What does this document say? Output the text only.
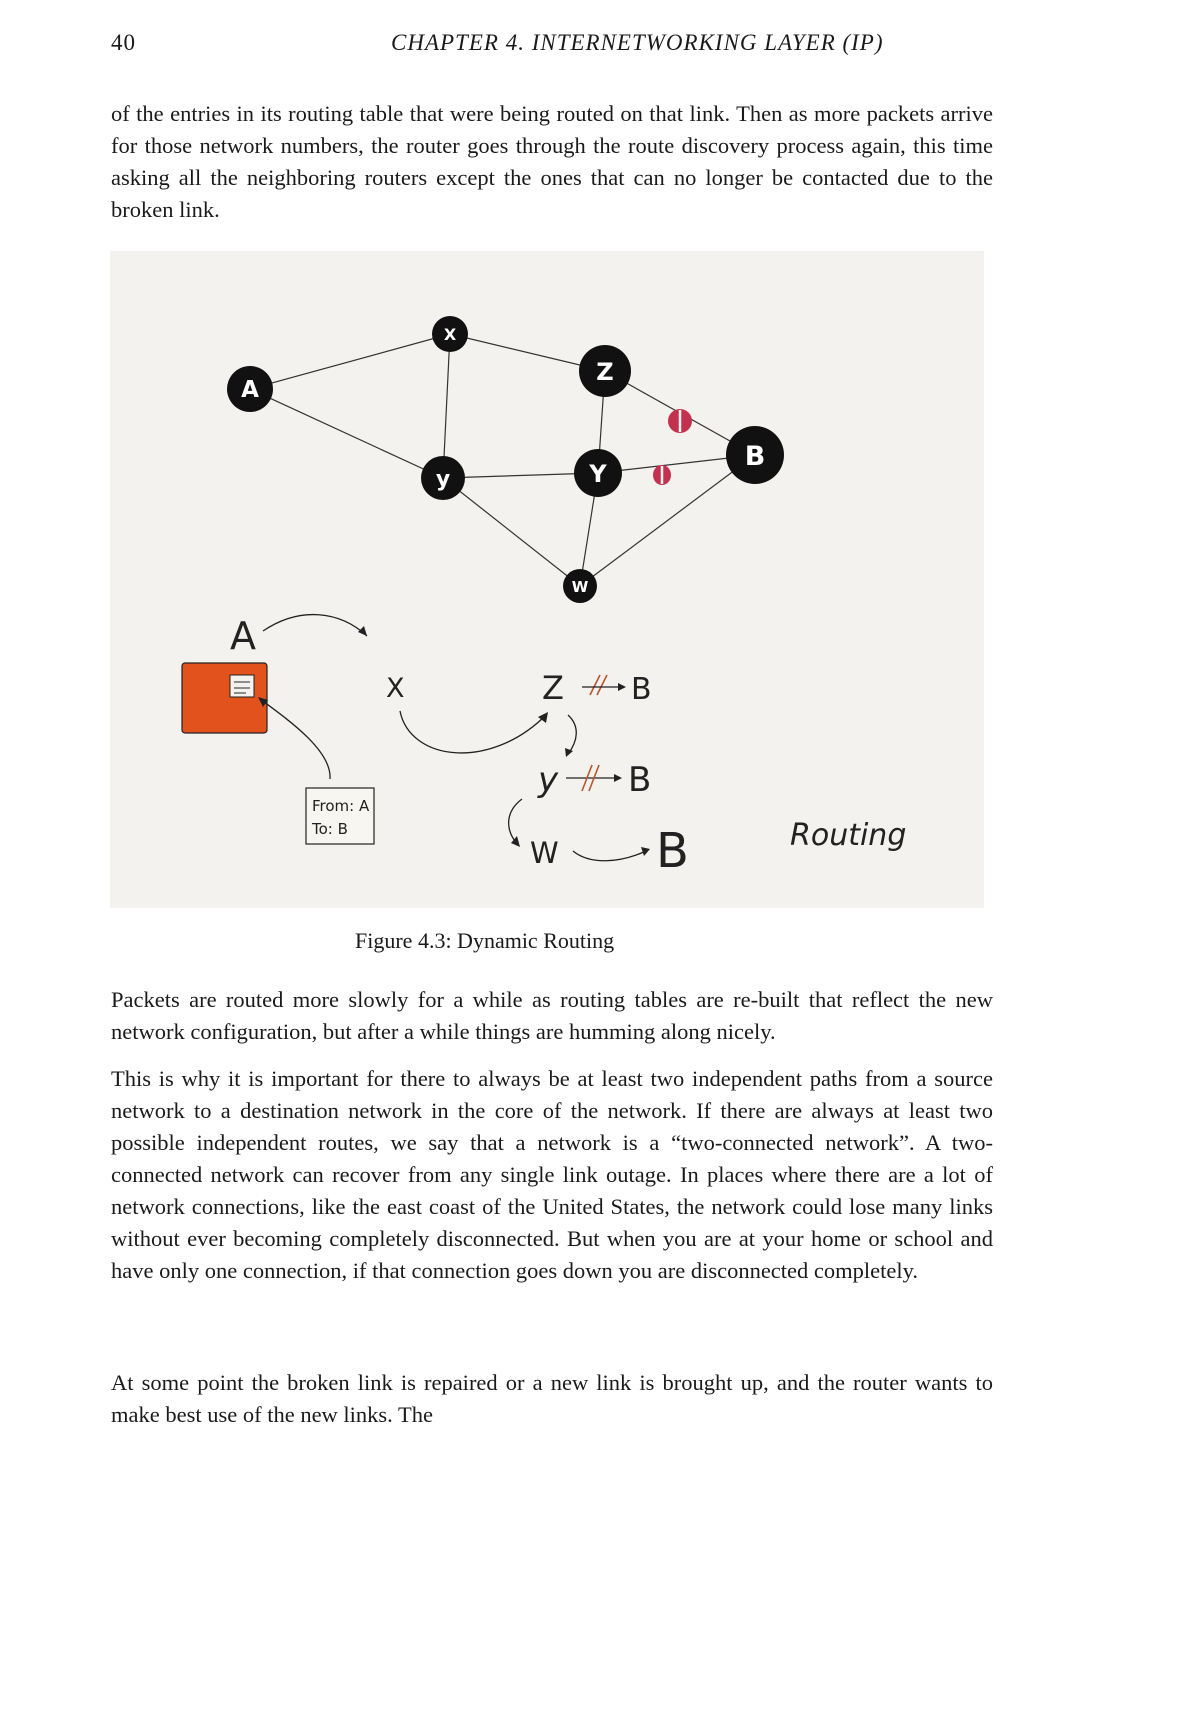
40	CHAPTER 4. INTERNETWORKING LAYER (IP)

of the entries in its routing table that were being routed on that link. Then as more packets arrive for those network numbers, the router goes through the route discovery process again, this time asking all the neighboring routers except the ones that can no longer be contacted due to the broken link.

A
X
Z
B
y	Y
W
A
From: A
To: B
X	Z B
y B
W B	Routing
Figure 4.3: Dynamic Routing

Packets are routed more slowly for a while as routing tables are re-built that reflect the new network configuration, but after a while things are humming along nicely.

This is why it is important for there to always be at least two independent paths from a source network to a destination network in the core of the network. If there are always at least two possible independent routes, we say that a network is a “two-connected network”. A two-connected network can recover from any single link outage. In places where there are a lot of network connections, like the east coast of the United States, the network could lose many links without ever becoming completely disconnected. But when you are at your home or school and have only one connection, if that connection goes down you are disconnected completely.

At some point the broken link is repaired or a new link is brought up, and the router wants to make best use of the new links. The
